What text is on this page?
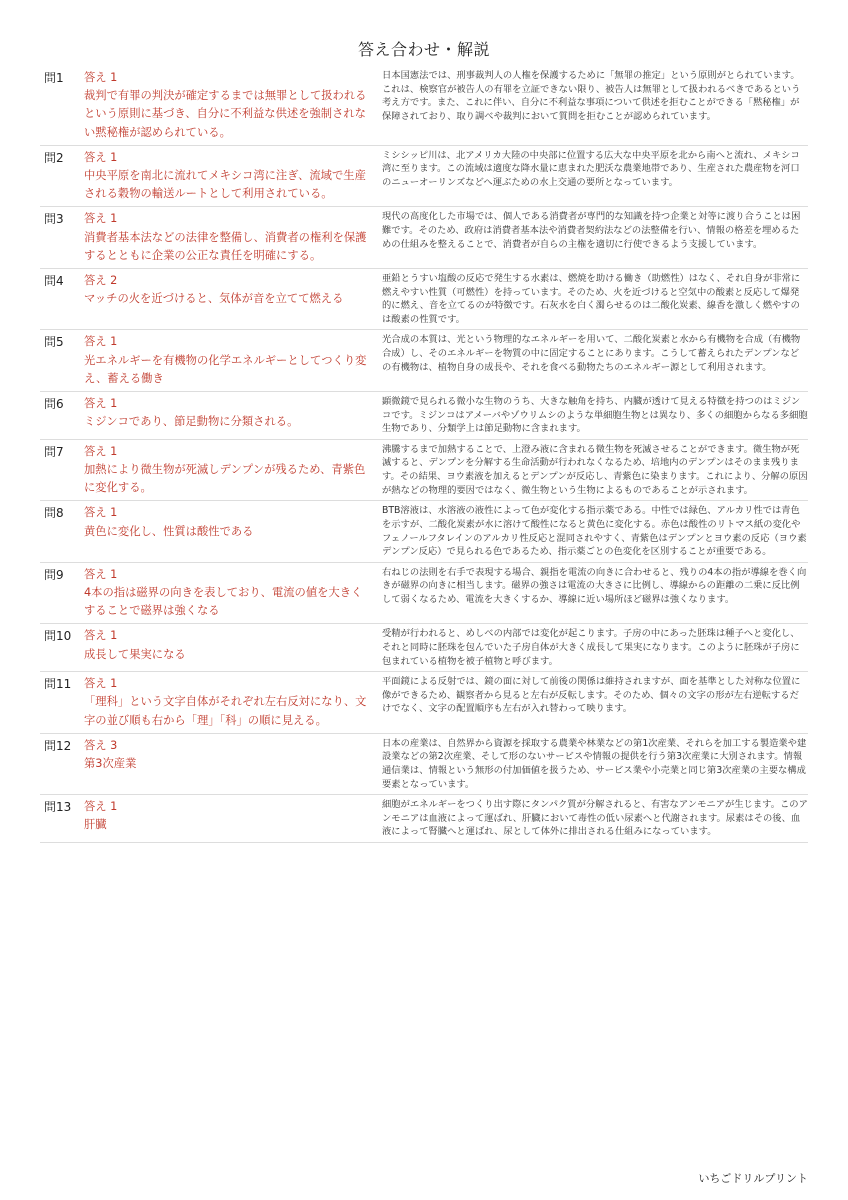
答え合わせ・解説
問1	答え 1
裁判で有罪の判決が確定するまでは無罪として扱われるという原則に基づき、自分に不利益な供述を強制されない黙秘権が認められている。	日本国憲法では、刑事裁判人の人権を保護するために「無罪の推定」という原則がとられています。これは、検察官が被告人の有罪を立証できない限り、被告人は無罪として扱われるべきであるという考え方です。また、これに伴い、自分に不利益な事項について供述を拒むことができる「黙秘権」が保障されており、取り調べや裁判において質問を拒むことが認められています。
問2	答え 1
中央平原を南北に流れてメキシコ湾に注ぎ、流域で生産される穀物の輸送ルートとして利用されている。	ミシシッピ川は、北アメリカ大陸の中央部に位置する広大な中央平原を北から南へと流れ、メキシコ湾に至ります。この流域は適度な降水量に恵まれた肥沃な農業地帯であり、生産された農産物を河口のニューオーリンズなどへ運ぶための水上交通の要所となっています。
問3	答え 1
消費者基本法などの法律を整備し、消費者の権利を保護するとともに企業の公正な責任を明確にする。	現代の高度化した市場では、個人である消費者が専門的な知識を持つ企業と対等に渡り合うことは困難です。そのため、政府は消費者基本法や消費者契約法などの法整備を行い、情報の格差を埋めるための仕組みを整えることで、消費者が自らの主権を適切に行使できるよう支援しています。
問4	答え 2
マッチの火を近づけると、気体が音を立てて燃える	亜鉛とうすい塩酸の反応で発生する水素は、燃焼を助ける働き（助燃性）はなく、それ自身が非常に燃えやすい性質（可燃性）を持っています。そのため、火を近づけると空気中の酸素と反応して爆発的に燃え、音を立てるのが特徴です。石灰水を白く濁らせるのは二酸化炭素、線香を激しく燃やすのは酸素の性質です。
問5	答え 1
光エネルギーを有機物の化学エネルギーとしてつくり変え、蓄える働き	光合成の本質は、光という物理的なエネルギーを用いて、二酸化炭素と水から有機物を合成（有機物合成）し、そのエネルギーを物質の中に固定することにあります。こうして蓄えられたデンプンなどの有機物は、植物自身の成長や、それを食べる動物たちのエネルギー源として利用されます。
問6	答え 1
ミジンコであり、節足動物に分類される。	顕微鏡で見られる微小な生物のうち、大きな触角を持ち、内臓が透けて見える特徴を持つのはミジンコです。ミジンコはアメーバやゾウリムシのような単細胞生物とは異なり、多くの細胞からなる多細胞生物であり、分類学上は節足動物に含まれます。
問7	答え 1
加熱により微生物が死滅しデンプンが残るため、青紫色に変化する。	沸騰するまで加熱することで、上澄み液に含まれる微生物を死滅させることができます。微生物が死滅すると、デンプンを分解する生命活動が行われなくなるため、培地内のデンプンはそのまま残ります。その結果、ヨウ素液を加えるとデンプンが反応し、青紫色に染まります。これにより、分解の原因が熱などの物理的要因ではなく、微生物という生物によるものであることが示されます。
問8	答え 1
黄色に変化し、性質は酸性である	BTB溶液は、水溶液の液性によって色が変化する指示薬である。中性では緑色、アルカリ性では青色を示すが、二酸化炭素が水に溶けて酸性になると黄色に変化する。赤色は酸性のリトマス紙の変化やフェノールフタレインのアルカリ性反応と混同されやすく、青紫色はデンプンとヨウ素の反応（ヨウ素デンプン反応）で見られる色であるため、指示薬ごとの色変化を区別することが重要である。
問9	答え 1
4本の指は磁界の向きを表しており、電流の値を大きくすることで磁界は強くなる	右ねじの法則を右手で表現する場合、親指を電流の向きに合わせると、残りの4本の指が導線を巻く向きが磁界の向きに相当します。磁界の強さは電流の大きさに比例し、導線からの距離の二乗に反比例して弱くなるため、電流を大きくするか、導線に近い場所ほど磁界は強くなります。
問10	答え 1
成長して果実になる	受精が行われると、めしべの内部では変化が起こります。子房の中にあった胚珠は種子へと変化し、それと同時に胚珠を包んでいた子房自体が大きく成長して果実になります。このように胚珠が子房に包まれている植物を被子植物と呼びます。
問11	答え 1
「理科」という文字自体がそれぞれ左右反対になり、文字の並び順も右から「理」「科」の順に見える。	平面鏡による反射では、鏡の面に対して前後の関係は維持されますが、面を基準とした対称な位置に像ができるため、観察者から見ると左右が反転します。そのため、個々の文字の形が左右逆転するだけでなく、文字の配置順序も左右が入れ替わって映ります。
問12	答え 3
第3次産業	日本の産業は、自然界から資源を採取する農業や林業などの第1次産業、それらを加工する製造業や建設業などの第2次産業、そして形のないサービスや情報の提供を行う第3次産業に大別されます。情報通信業は、情報という無形の付加価値を扱うため、サービス業や小売業と同じ第3次産業の主要な構成要素となっています。
問13	答え 1
肝臓	細胞がエネルギーをつくり出す際にタンパク質が分解されると、有害なアンモニアが生じます。このアンモニアは血液によって運ばれ、肝臓において毒性の低い尿素へと代謝されます。尿素はその後、血液によって腎臓へと運ばれ、尿として体外に排出される仕組みになっています。
いちごドリルプリント
